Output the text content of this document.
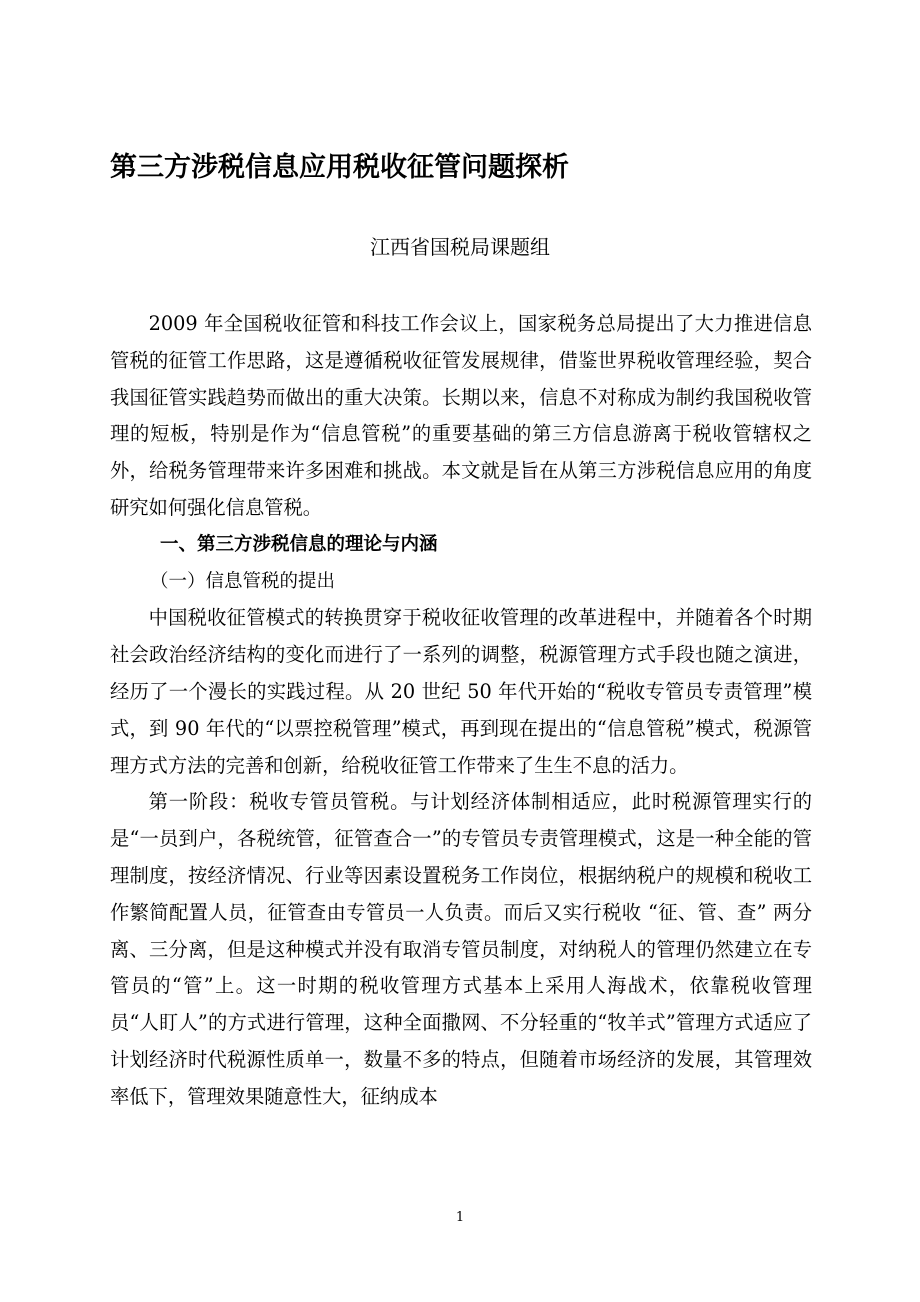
第三方涉税信息应用税收征管问题探析
江西省国税局课题组

2009 年全国税收征管和科技工作会议上，国家税务总局提出了大力推进信息管税的征管工作思路，这是遵循税收征管发展规律，借鉴世界税收管理经验，契合我国征管实践趋势而做出的重大决策。长期以来，信息不对称成为制约我国税收管理的短板，特别是作为“信息管税”的重要基础的第三方信息游离于税收管辖权之外，给税务管理带来许多困难和挑战。本文就是旨在从第三方涉税信息应用的角度研究如何强化信息管税。

一、第三方涉税信息的理论与内涵

（一）信息管税的提出

中国税收征管模式的转换贯穿于税收征收管理的改革进程中，并随着各个时期社会政治经济结构的变化而进行了一系列的调整，税源管理方式手段也随之演进，经历了一个漫长的实践过程。从 20 世纪 50 年代开始的“税收专管员专责管理”模式，到 90 年代的“以票控税管理”模式，再到现在提出的“信息管税”模式，税源管理方式方法的完善和创新，给税收征管工作带来了生生不息的活力。

第一阶段：税收专管员管税。与计划经济体制相适应，此时税源管理实行的是“一员到户，各税统管，征管查合一”的专管员专责管理模式，这是一种全能的管理制度，按经济情况、行业等因素设置税务工作岗位，根据纳税户的规模和税收工作繁简配置人员，征管查由专管员一人负责。而后又实行税收 “征、管、查” 两分离、三分离，但是这种模式并没有取消专管员制度，对纳税人的管理仍然建立在专管员的“管”上。这一时期的税收管理方式基本上采用人海战术，依靠税收管理员“人盯人”的方式进行管理，这种全面撒网、不分轻重的“牧羊式”管理方式适应了计划经济时代税源性质单一，数量不多的特点，但随着市场经济的发展，其管理效率低下，管理效果随意性大，征纳成本

1
